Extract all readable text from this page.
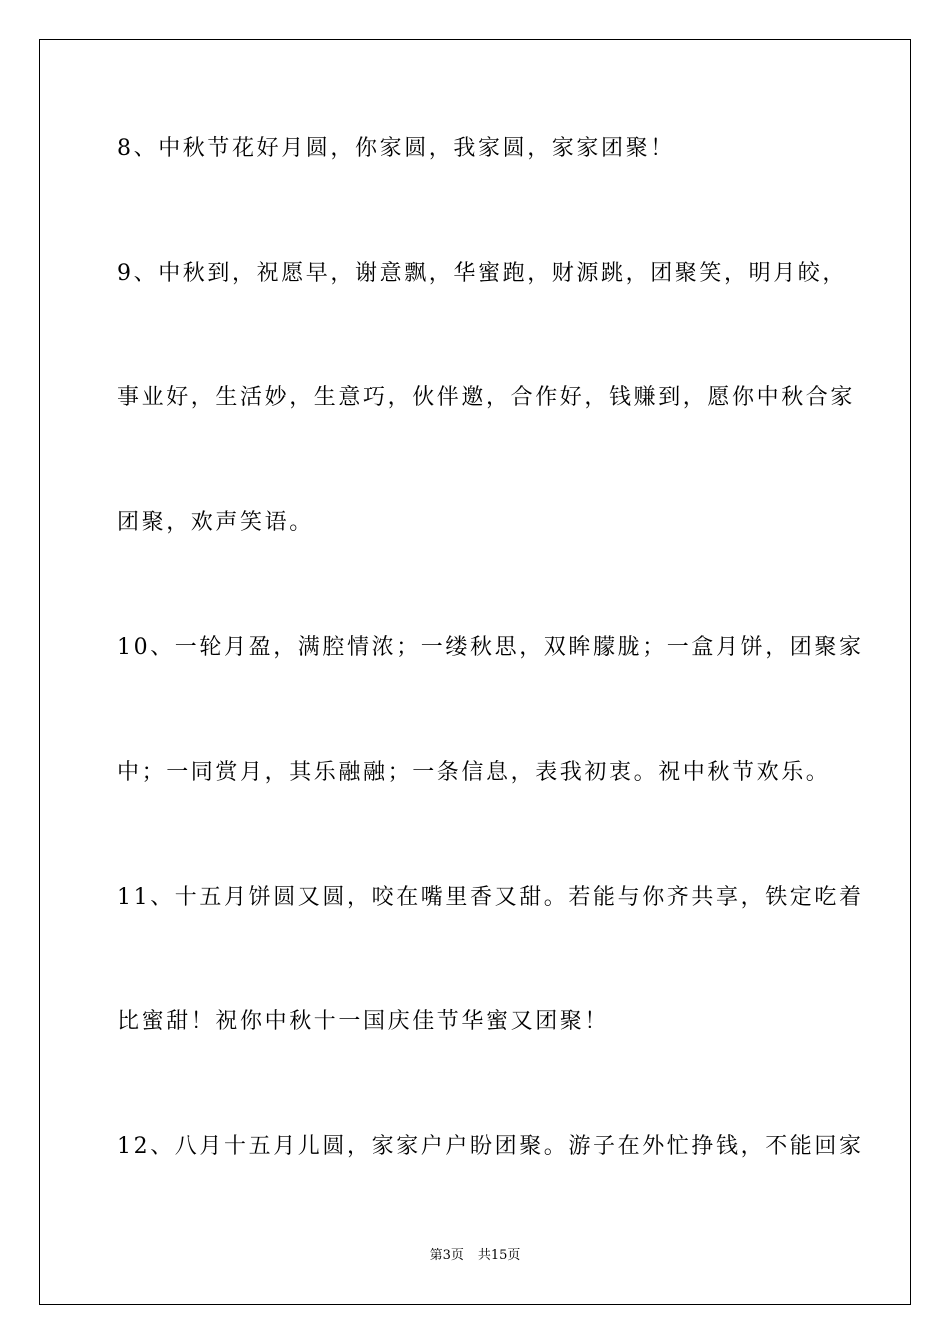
8、中秋节花好月圆，你家圆，我家圆，家家团聚！
9、中秋到，祝愿早，谢意飘，华蜜跑，财源跳，团聚笑，明月皎，
事业好，生活妙，生意巧，伙伴邀，合作好，钱赚到，愿你中秋合家
团聚，欢声笑语。
10、一轮月盈，满腔情浓；一缕秋思，双眸朦胧；一盒月饼，团聚家
中；一同赏月，其乐融融；一条信息，表我初衷。祝中秋节欢乐。
11、十五月饼圆又圆，咬在嘴里香又甜。若能与你齐共享，铁定吃着
比蜜甜！祝你中秋十一国庆佳节华蜜又团聚！
12、八月十五月儿圆，家家户户盼团聚。游子在外忙挣钱，不能回家
第3页 共15页
